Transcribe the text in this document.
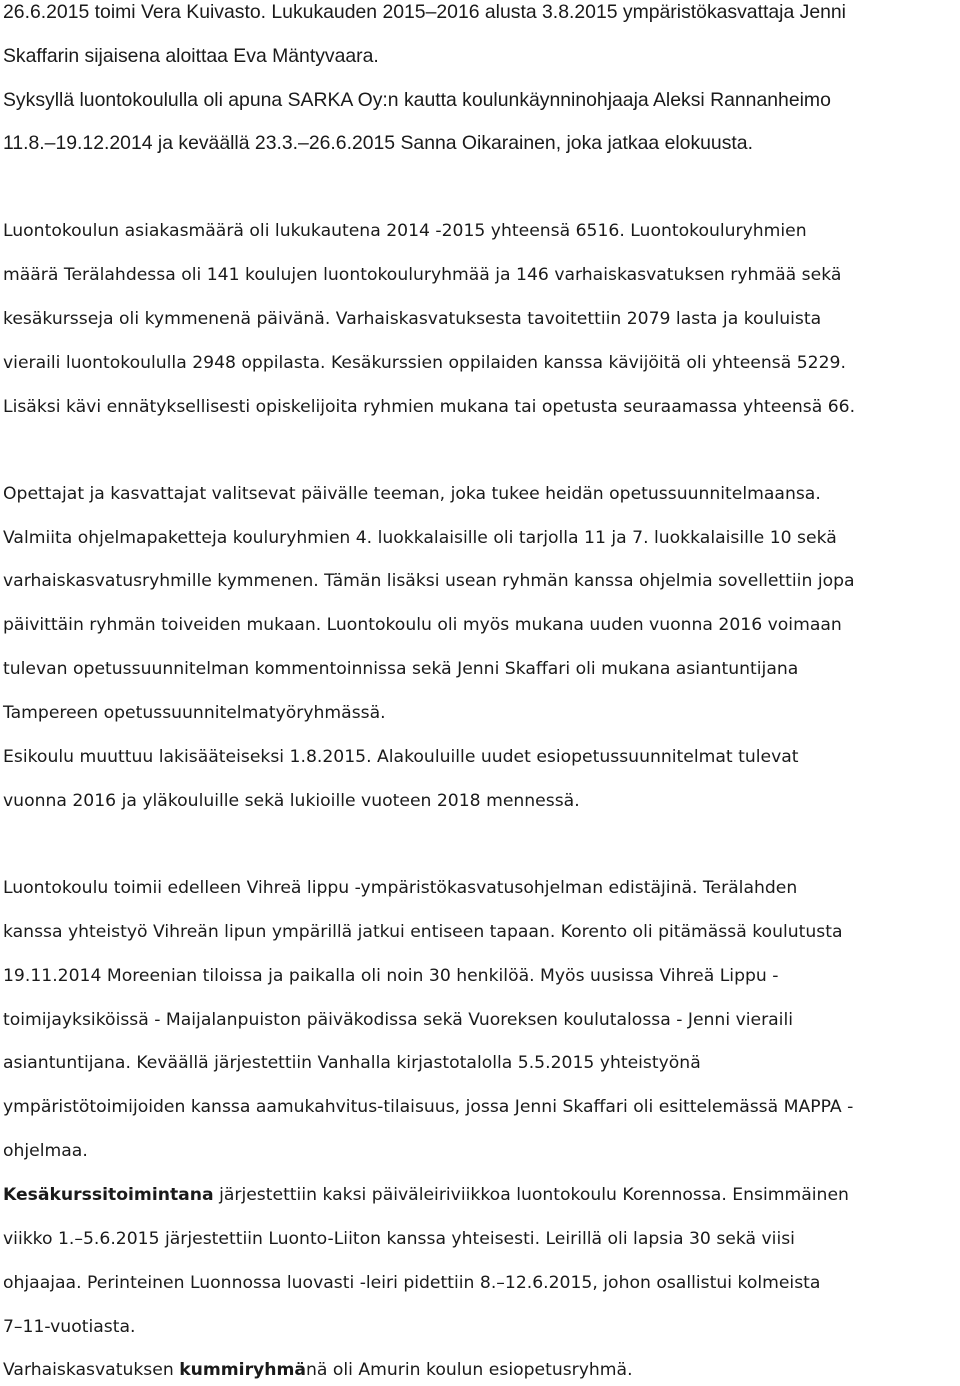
26.6.2015 toimi Vera Kuivasto. Lukukauden 2015–2016 alusta 3.8.2015 ympäristökasvattaja Jenni
Skaffarin sijaisena aloittaa Eva Mäntyvaara.
Syksyllä luontokoululla oli apuna SARKA Oy:n kautta koulunkäynninohjaaja Aleksi Rannanheimo
11.8.–19.12.2014 ja keväällä 23.3.–26.6.2015 Sanna Oikarainen, joka jatkaa elokuusta.
Luontokoulun asiakasmäärä oli lukukautena 2014 -2015 yhteensä 6516. Luontokouluryhmien
määrä Terälahdessa oli 141 koulujen luontokouluryhmää ja 146 varhaiskasvatuksen ryhmää sekä
kesäkursseja oli kymmenenä päivänä. Varhaiskasvatuksesta tavoitettiin 2079 lasta ja kouluista
vieraili luontokoululla 2948 oppilasta. Kesäkurssien oppilaiden kanssa kävijöitä oli yhteensä 5229.
Lisäksi kävi ennätyksellisesti opiskelijoita ryhmien mukana tai opetusta seuraamassa yhteensä 66.
Opettajat ja kasvattajat valitsevat päivälle teeman, joka tukee heidän opetussuunnitelmaansa.
Valmiita ohjelmapaketteja kouluryhmien 4. luokkalaisille oli tarjolla 11 ja 7. luokkalaisille 10 sekä
varhaiskasvatusryhmille kymmenen. Tämän lisäksi usean ryhmän kanssa ohjelmia sovellettiin jopa
päivittäin ryhmän toiveiden mukaan. Luontokoulu oli myös mukana uuden vuonna 2016 voimaan
tulevan opetussuunnitelman kommentoinnissa sekä Jenni Skaffari oli mukana asiantuntijana
Tampereen opetussuunnitelmatyöryhmässä.
Esikoulu muuttuu lakisääteiseksi 1.8.2015. Alakouluille uudet esiopetussuunnitelmat tulevat
vuonna 2016 ja yläkouluille sekä lukioille vuoteen 2018 mennessä.
Luontokoulu toimii edelleen Vihreä lippu -ympäristökasvatusohjelman edistäjinä. Terälahden
kanssa yhteistyö Vihreän lipun ympärillä jatkui entiseen tapaan. Korento oli pitämässä koulutusta
19.11.2014 Moreenian tiloissa ja paikalla oli noin 30 henkilöä. Myös uusissa Vihreä Lippu -
toimijayksiköissä - Maijalanpuiston päiväkodissa sekä Vuoreksen koulutalossa - Jenni vieraili
asiantuntijana. Keväällä järjestettiin Vanhalla kirjastotalolla 5.5.2015 yhteistyönä
ympäristötoimijoiden kanssa aamukahvitus-tilaisuus, jossa Jenni Skaffari oli esittelemässä MAPPA -
ohjelmaa.
Kesäkurssitoimintana järjestettiin kaksi päiväleiriviikkoa luontokoulu Korennossa. Ensimmäinen
viikko 1.–5.6.2015 järjestettiin Luonto-Liiton kanssa yhteisesti. Leirillä oli lapsia 30 sekä viisi
ohjaajaa. Perinteinen Luonnossa luovasti -leiri pidettiin 8.–12.6.2015, johon osallistui kolmeista
7–11-vuotiasta.
Varhaiskasvatuksen kummiryhmänä oli Amurin koulun esiopetusryhmä.
